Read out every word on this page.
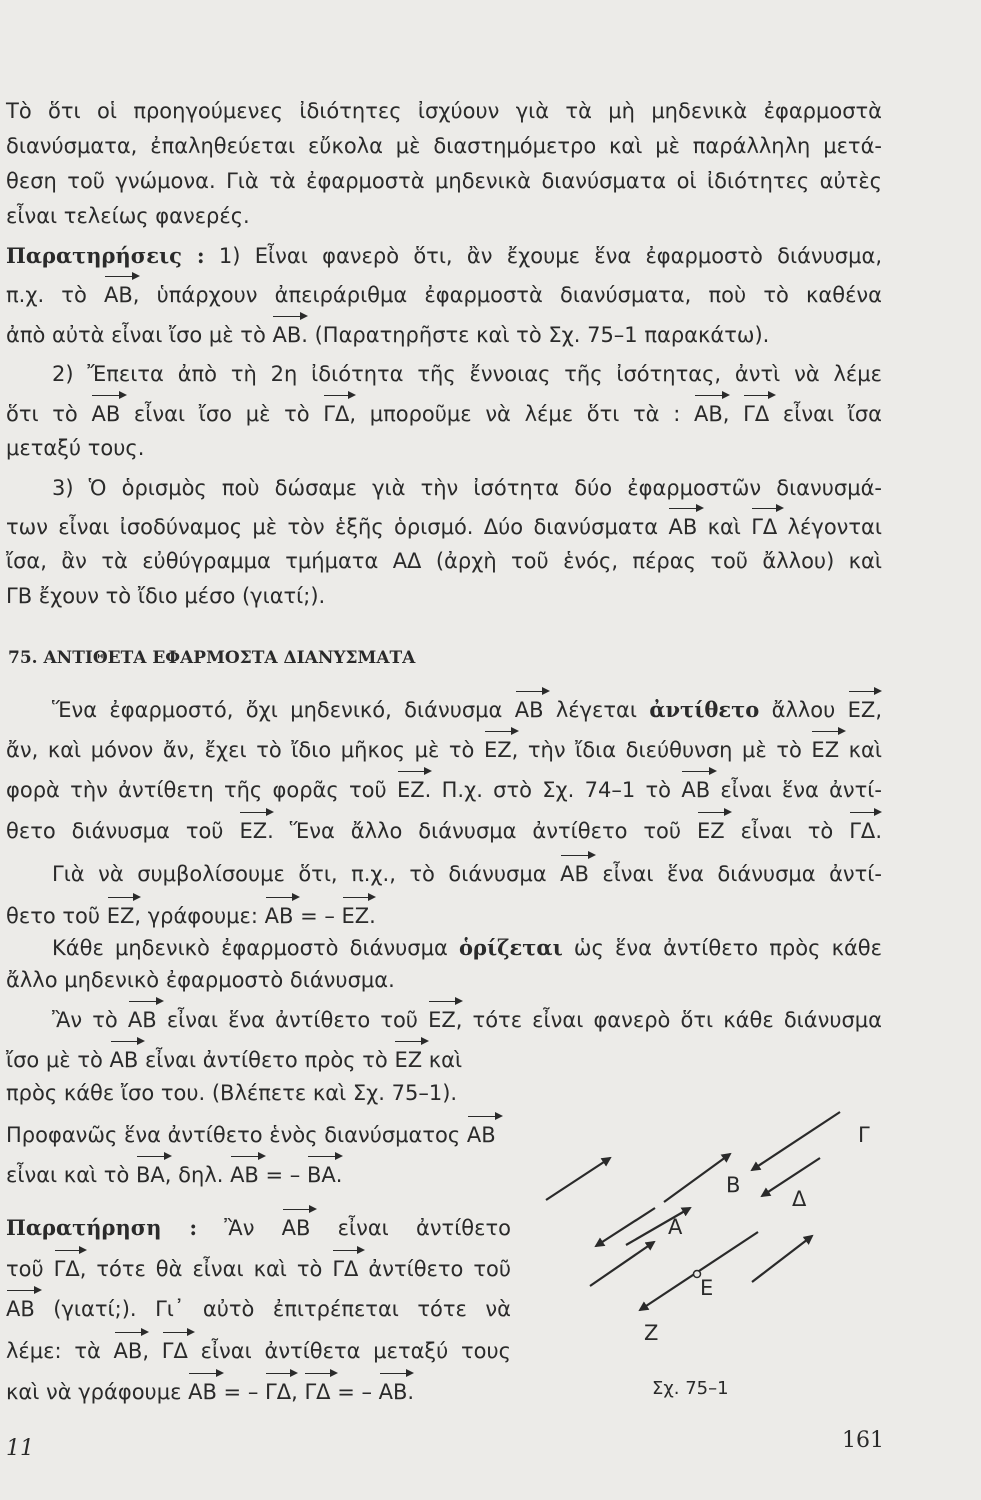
Τὸ ὅτι οἱ προηγούμενες ἰδιότητες ἰσχύουν γιὰ τὰ μὴ μηδενικὰ ἐφαρμοστὰ
διανύσματα, ἐπαληθεύεται εὔκολα μὲ διαστημόμετρο καὶ μὲ παράλληλη μετά-
θεση τοῦ γνώμονα. Γιὰ τὰ ἐφαρμοστὰ μηδενικὰ διανύσματα οἱ ἰδιότητες αὐτὲς
εἶναι τελείως φανερές.
Παρατηρήσεις : 1) Εἶναι φανερὸ ὅτι, ἂν ἔχουμε ἕνα ἐφαρμοστὸ διάνυσμα,
π.χ. τὸ ΑΒ, ὑπάρχουν ἀπειράριθμα ἐφαρμοστὰ διανύσματα, ποὺ τὸ καθένα
ἀπὸ αὐτὰ εἶναι ἴσο μὲ τὸ ΑΒ. (Παρατηρῆστε καὶ τὸ Σχ. 75–1 παρακάτω).
2) Ἔπειτα ἀπὸ τὴ 2η ἰδιότητα τῆς ἔννοιας τῆς ἰσότητας, ἀντὶ νὰ λέμε
ὅτι τὸ ΑΒ εἶναι ἴσο μὲ τὸ ΓΔ, μποροῦμε νὰ λέμε ὅτι τὰ : ΑΒ, ΓΔ εἶναι ἴσα
μεταξύ τους.
3) Ὁ ὁρισμὸς ποὺ δώσαμε γιὰ τὴν ἰσότητα δύο ἐφαρμοστῶν διανυσμά-
των εἶναι ἰσοδύναμος μὲ τὸν ἑξῆς ὁρισμό. Δύο διανύσματα ΑΒ καὶ ΓΔ λέγονται
ἴσα, ἂν τὰ εὐθύγραμμα τμήματα ΑΔ (ἀρχὴ τοῦ ἑνός, πέρας τοῦ ἄλλου) καὶ
ΓΒ ἔχουν τὸ ἴδιο μέσο (γιατί;).
75. ΑΝΤΙΘΕΤΑ ΕΦΑΡΜΟΣΤΑ ΔΙΑΝΥΣΜΑΤΑ
Ἕνα ἐφαρμοστό, ὄχι μηδενικό, διάνυσμα ΑΒ λέγεται ἀντίθετο ἄλλου ΕΖ,
ἄν, καὶ μόνον ἄν, ἔχει τὸ ἴδιο μῆκος μὲ τὸ ΕΖ, τὴν ἴδια διεύθυνση μὲ τὸ ΕΖ καὶ
φορὰ τὴν ἀντίθετη τῆς φορᾶς τοῦ ΕΖ. Π.χ. στὸ Σχ. 74–1 τὸ ΑΒ εἶναι ἕνα ἀντί-
θετο διάνυσμα τοῦ ΕΖ. Ἕνα ἄλλο διάνυσμα ἀντίθετο τοῦ ΕΖ εἶναι τὸ ΓΔ.
Γιὰ νὰ συμβολίσουμε ὅτι, π.χ., τὸ διάνυσμα ΑΒ εἶναι ἕνα διάνυσμα ἀντί-
θετο τοῦ ΕΖ, γράφουμε: ΑΒ = – ΕΖ.
Κάθε μηδενικὸ ἐφαρμοστὸ διάνυσμα ὁρίζεται ὡς ἕνα ἀντίθετο πρὸς κάθε
ἄλλο μηδενικὸ ἐφαρμοστὸ διάνυσμα.
Ἂν τὸ ΑΒ εἶναι ἕνα ἀντίθετο τοῦ ΕΖ, τότε εἶναι φανερὸ ὅτι κάθε διάνυσμα
ἴσο μὲ τὸ ΑΒ εἶναι ἀντίθετο πρὸς τὸ ΕΖ καὶ
πρὸς κάθε ἴσο του. (Βλέπετε καὶ Σχ. 75–1).
Προφανῶς ἕνα ἀντίθετο ἑνὸς διανύσματος ΑΒ
εἶναι καὶ τὸ ΒΑ, δηλ. ΑΒ = – ΒΑ.
Παρατήρηση : Ἂν ΑΒ εἶναι ἀντίθετο
τοῦ ΓΔ, τότε θὰ εἶναι καὶ τὸ ΓΔ ἀντίθετο τοῦ
ΑΒ (γιατί;). Γι᾽ αὐτὸ ἐπιτρέπεται τότε νὰ
λέμε: τὰ ΑΒ, ΓΔ εἶναι ἀντίθετα μεταξύ τους
καὶ νὰ γράφουμε ΑΒ = – ΓΔ, ΓΔ = – ΑΒ.
Γ
Β
Δ
Α
Ε
Ζ
Σχ. 75–1
11	161
